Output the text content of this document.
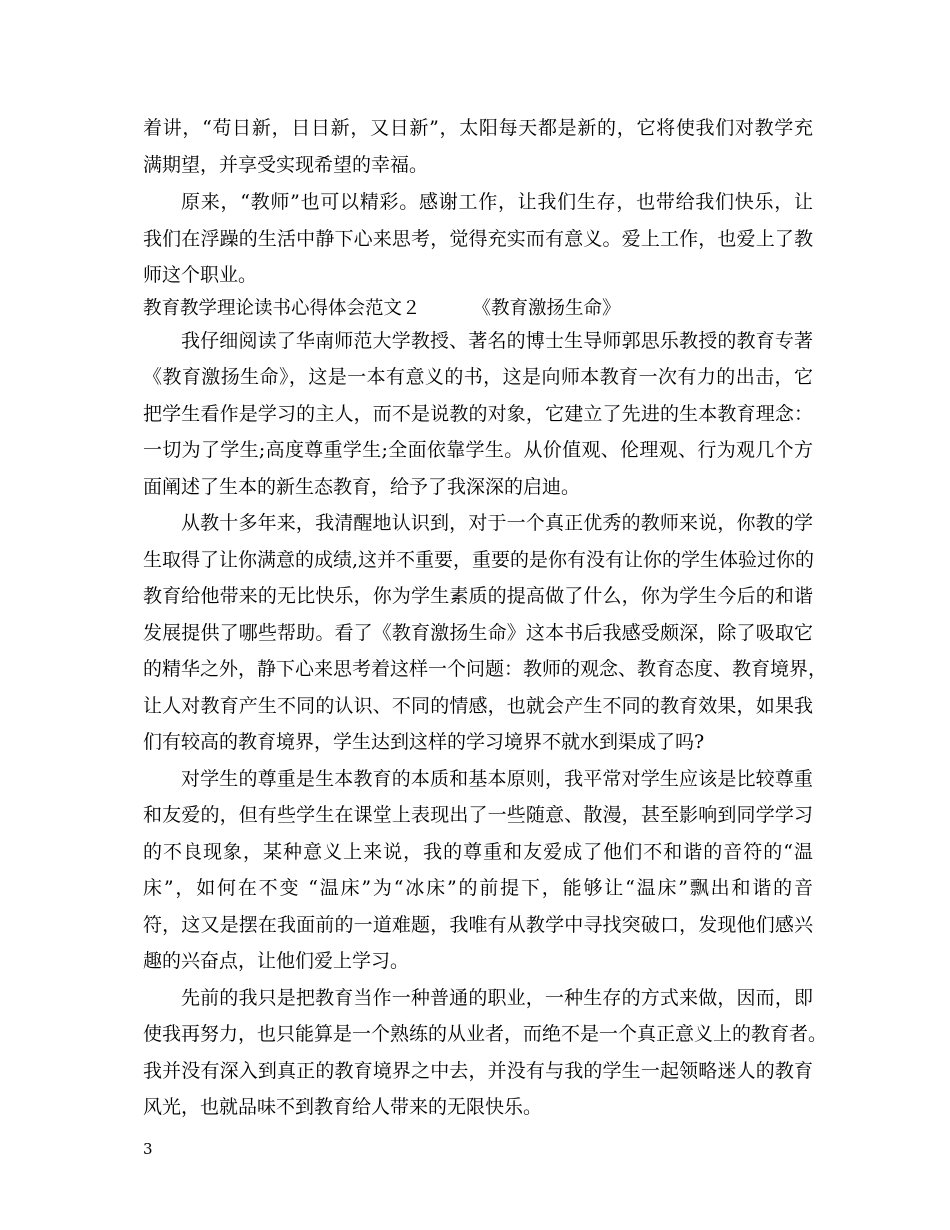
着讲，“苟日新，日日新，又日新”，太阳每天都是新的，它将使我们对教学充
满期望，并享受实现希望的幸福。
原来，“教师”也可以精彩。感谢工作，让我们生存，也带给我们快乐，让
我们在浮躁的生活中静下心来思考，觉得充实而有意义。爱上工作，也爱上了教
师这个职业。
教育教学理论读书心得体会范文２	《教育激扬生命》
我仔细阅读了华南师范大学教授、著名的博士生导师郭思乐教授的教育专著
《教育激扬生命》，这是一本有意义的书，这是向师本教育一次有力的出击，它
把学生看作是学习的主人，而不是说教的对象，它建立了先进的生本教育理念：
一切为了学生;高度尊重学生;全面依靠学生。从价值观、伦理观、行为观几个方
面阐述了生本的新生态教育，给予了我深深的启迪。
从教十多年来，我清醒地认识到，对于一个真正优秀的教师来说，你教的学
生取得了让你满意的成绩,这并不重要，重要的是你有没有让你的学生体验过你的
教育给他带来的无比快乐，你为学生素质的提高做了什么，你为学生今后的和谐
发展提供了哪些帮助。看了《教育激扬生命》这本书后我感受颇深，除了吸取它
的精华之外，静下心来思考着这样一个问题：教师的观念、教育态度、教育境界，
让人对教育产生不同的认识、不同的情感，也就会产生不同的教育效果，如果我
们有较高的教育境界，学生达到这样的学习境界不就水到渠成了吗?
对学生的尊重是生本教育的本质和基本原则，我平常对学生应该是比较尊重
和友爱的，但有些学生在课堂上表现出了一些随意、散漫，甚至影响到同学学习
的不良现象，某种意义上来说，我的尊重和友爱成了他们不和谐的音符的“温
床”，如何在不变 “温床”为“冰床”的前提下，能够让“温床”飘出和谐的音
符，这又是摆在我面前的一道难题，我唯有从教学中寻找突破口，发现他们感兴
趣的兴奋点，让他们爱上学习。
先前的我只是把教育当作一种普通的职业，一种生存的方式来做，因而，即
使我再努力，也只能算是一个熟练的从业者，而绝不是一个真正意义上的教育者。
我并没有深入到真正的教育境界之中去，并没有与我的学生一起领略迷人的教育
风光，也就品味不到教育给人带来的无限快乐。
3
